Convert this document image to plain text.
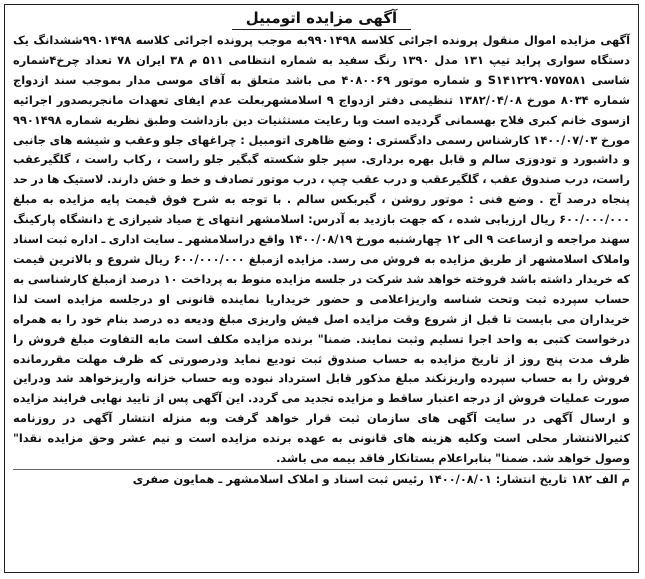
آگهی مزایده اتومبیل

آگهی مزایده اموال منقول پرونده اجرائی کلاسه ۹۹۰۱۴۹۸به موجب پرونده اجرائی کلاسه ۹۹۰۱۴۹۸ششدانگ یک دستگاه سواری پراید تیپ ۱۳۱ مدل ۱۳۹۰ رنگ سفید به شماره انتظامی ۵۱۱ م ۳۸ ایران ۷۸ تعداد چرخ۴شماره شاسی S۱۴۱۲۲۹۰۷۵۷۵۸۱ و شماره موتور ۴۰۸۰۰۶۹ می باشد متعلق به آقای موسی مدار بموجب سند ازدواج شماره ۸۰۳۴ مورخ ۱۳۸۲/۰۴/۰۸ تنظیمی دفتر ازدواج ۹ اسلامشهربعلت عدم ایفای تعهدات مانجربصدور اجرائیه ازسوی خانم کبری فلاح بهسمانی گردیده است وبا رعایت مستثنیات دین بازداشت وطبق نظریه شماره ۹۹۰۱۴۹۸ مورخ ۱۴۰۰/۰۷/۰۳ کارشناس رسمی دادگستری : وضع ظاهری اتومبیل : چراغهای جلو وعقب و شیشه های جانبی و داشبورد و تودوزی سالم و قابل بهره برداری. سپر جلو شکسته گبگیر جلو راست ، رکاب راست ، گلگیرعقب راست، درب صندوق عقب ، گلگیرعقب و درب عقب چپ ، درب موتور تصادف و خط و خش دارند. لاستیک ها در حد پنجاه درصد آج . وضع فنی : موتور روشن ، گیربکس سالم . با توجه به شرح فوق قیمت پایه مزایده به مبلغ ۶۰۰/۰۰۰/۰۰۰ ریال ارزیابی شده ، که جهت بازدید به آدرس: اسلامشهر انتهای خ صیاد شیرازی خ دانشگاه پارکینگ سهند مراجعه و ازساعت ۹ الی ۱۲ چهارشنبه مورخ ۱۴۰۰/۰۸/۱۹ واقع دراسلامشهر ـ سایت اداری ـ اداره ثبت اسناد واملاک اسلامشهر از طریق مزایده به فروش می رسد. مزایده ازمبلغ ۶۰۰/۰۰۰/۰۰۰ ریال شروع و بالاترین قیمت که خریدار داشته باشد فروخته خواهد شد شرکت در جلسه مزایده منوط به پرداخت ۱۰ درصد ازمبلغ کارشناسی به حساب سپرده ثبت وتحت شناسه واریزاعلامی و حضور خریداریا نماینده قانونی او درجلسه مزایده است لذا خریداران می بایست تا قبل از شروع وقت مزایده اصل فیش واریزی مبلغ ودیعه ده درصد بنام خود را به همراه درخواست کتبی به واحد اجرا تسلیم وثبت نمایند. ضمنا" برنده مزایده مکلف است مابه التفاوت مبلغ فروش را ظرف مدت پنج روز از تاریخ مزایده به حساب صندوق ثبت تودیع نماید ودرصورتی که ظرف مهلت مقررمانده فروش را به حساب سپرده واریزنکند مبلغ مذکور قابل استرداد نبوده وبه حساب خزانه واریزخواهد شد ودراین صورت عملیات فروش از درجه اعتبار ساقط و مزایده تجدید می گردد. این آگهی پس از تایید نهایی فرایند مزایده و ارسال آگهی در سایت آگهی های سازمان ثبت قرار خواهد گرفت وبه منزله انتشار آگهی در روزنامه کثیرالانتشار محلی است وکلیه هزینه های قانونی به عهده برنده مزایده است و نیم عشر وحق مزایده نقدا" وصول خواهد شد. ضمنا" بنابراعلام بستانکار فاقد بیمه می باشد.

م الف ۱۸۲ تاریخ انتشار: ۱۴۰۰/۰۸/۰۱ رئیس ثبت اسناد و املاک اسلامشهر ـ همایون صفری
